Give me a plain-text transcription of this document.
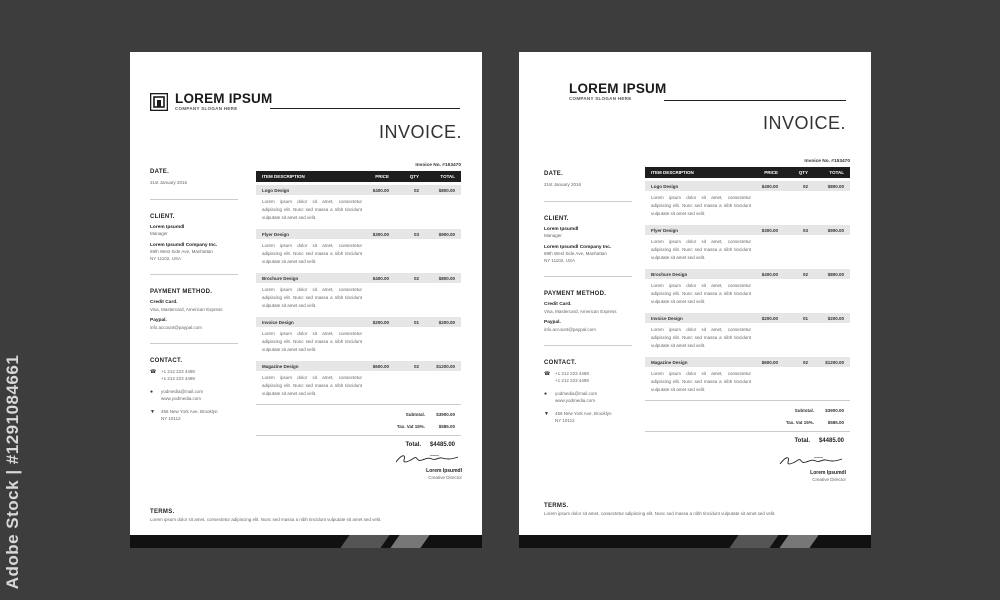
Adobe Stock | #1291084661
LOREM IPSUM
COMPANY SLOGAN HERE
INVOICE.
DATE.
21st January 2016
CLIENT.
Lorem Ipsumdl
Manager
Lorem Ipsumdl Company Inc.
69th West Side Ave, Manhattan
NY 11102, USA
PAYMENT METHOD.
Credit Card.
Visa, Mastercard, American Express
Paypal.
info.account@paypal.com
CONTACT.
☎	+1 212 223 4498
+1 212 223 4498
●	yodmedia@mail.com
www.yodmedia.com
▼	456 New York Ave, Brooklyn
NY 10112
Invoice No. #153470
ITEM DESCRIPTION	PRICE	QTY	TOTAL
Logo Design	$400.00	02	$800.00
Lorem ipsum dolor sit amet, consectetur adipiscing elit. Nunc sed massa a nibh tincidunt vulputate sit amet sed velit.
Flyer Design	$300.00	03	$900.00
Lorem ipsum dolor sit amet, consectetur adipiscing elit. Nunc sed massa a nibh tincidunt vulputate sit amet sed velit.
Brochure Design	$400.00	02	$800.00
Lorem ipsum dolor sit amet, consectetur adipiscing elit. Nunc sed massa a nibh tincidunt vulputate sit amet sed velit.
Invoice Design	$200.00	01	$200.00
Lorem ipsum dolor sit amet, consectetur adipiscing elit. Nunc sed massa a nibh tincidunt vulputate sit amet sed velit.
Magazine Design	$600.00	02	$1200.00
Lorem ipsum dolor sit amet, consectetur adipiscing elit. Nunc sed massa a nibh tincidunt vulputate sit amet sed velit.
Subtotal.	$3900.00
Tax. Vat 15%.	$585.00
Total.	$4485.00
Lorem Ipsumdl
Creative Director
TERMS.
Lorem ipsum dolor sit amet, consectetur adipiscing elit. Nunc sed massa a nibh tincidunt vulputate sit amet sed velit.
LOREM IPSUM
COMPANY SLOGAN HERE
INVOICE.
DATE.
21st January 2016
CLIENT.
Lorem Ipsumdl
Manager
Lorem Ipsumdl Company Inc.
69th West Side Ave, Manhattan
NY 11102, USA
PAYMENT METHOD.
Credit Card.
Visa, Mastercard, American Express
Paypal.
info.account@paypal.com
CONTACT.
☎	+1 212 223 4498
+1 212 223 4498
●	yodmedia@mail.com
www.yodmedia.com
▼	456 New York Ave, Brooklyn
NY 10112
Invoice No. #153470
ITEM DESCRIPTION	PRICE	QTY	TOTAL
Logo Design	$400.00	02	$800.00
Lorem ipsum dolor sit amet, consectetur adipiscing elit. Nunc sed massa a nibh tincidunt vulputate sit amet sed velit.
Flyer Design	$300.00	03	$900.00
Lorem ipsum dolor sit amet, consectetur adipiscing elit. Nunc sed massa a nibh tincidunt vulputate sit amet sed velit.
Brochure Design	$400.00	02	$800.00
Lorem ipsum dolor sit amet, consectetur adipiscing elit. Nunc sed massa a nibh tincidunt vulputate sit amet sed velit.
Invoice Design	$200.00	01	$200.00
Lorem ipsum dolor sit amet, consectetur adipiscing elit. Nunc sed massa a nibh tincidunt vulputate sit amet sed velit.
Magazine Design	$600.00	02	$1200.00
Lorem ipsum dolor sit amet, consectetur adipiscing elit. Nunc sed massa a nibh tincidunt vulputate sit amet sed velit.
Subtotal.	$3900.00
Tax. Vat 15%.	$585.00
Total.	$4485.00
Lorem Ipsumdl
Creative Director
TERMS.
Lorem ipsum dolor sit amet, consectetur adipiscing elit. Nunc sed massa a nibh tincidunt vulputate sit amet sed velit.
